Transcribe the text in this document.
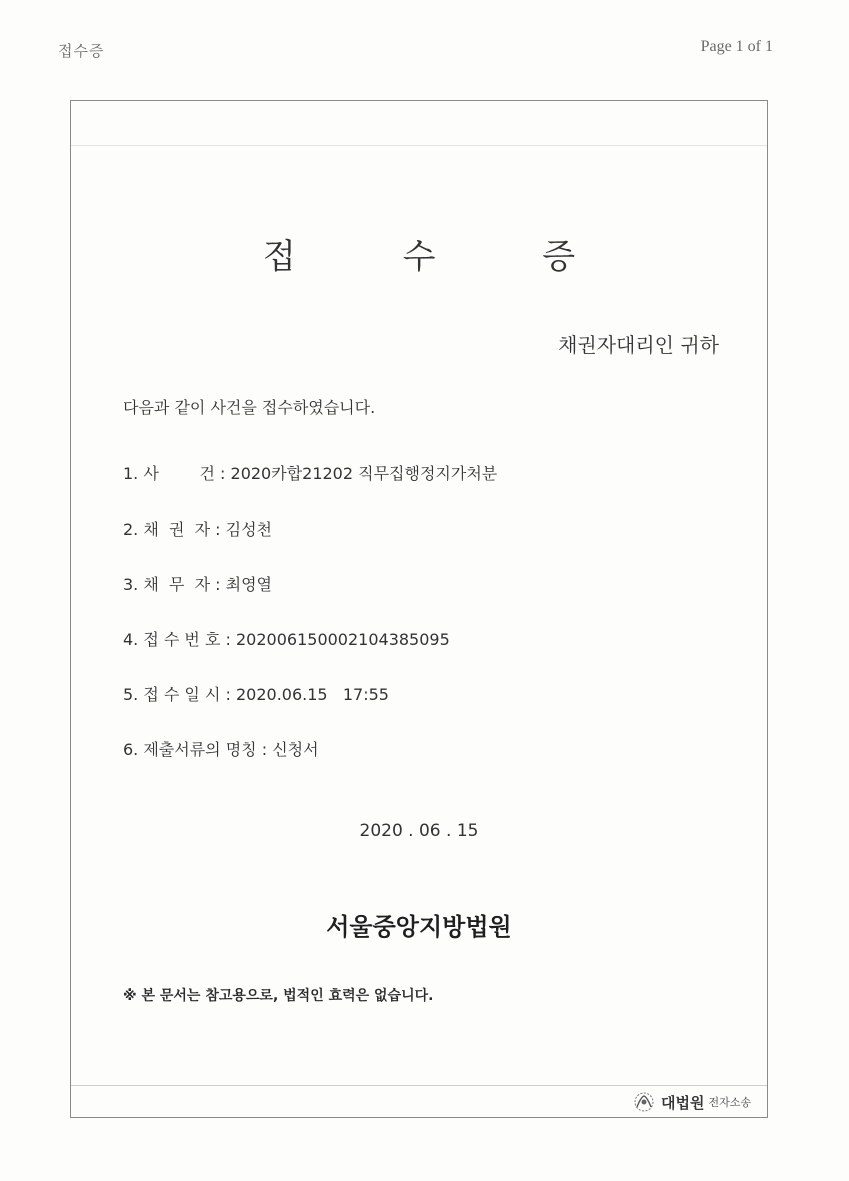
접수증	Page 1 of 1
접 수 증
채권자대리인 귀하
다음과 같이 사건을 접수하였습니다.
1. 사        건 : 2020카합21202 직무집행정지가처분
2. 채  권  자 : 김성천
3. 채  무  자 : 최영열
4. 접 수 번 호 : 20200615000210438509​5
5. 접 수 일 시 : 2020.06.15   17:55
6. 제출서류의 명칭 : 신청서
2020 . 06 . 15
서울중앙지방법원
※ 본 문서는 참고용으로, 법적인 효력은 없습니다.
대법원 전자소송
